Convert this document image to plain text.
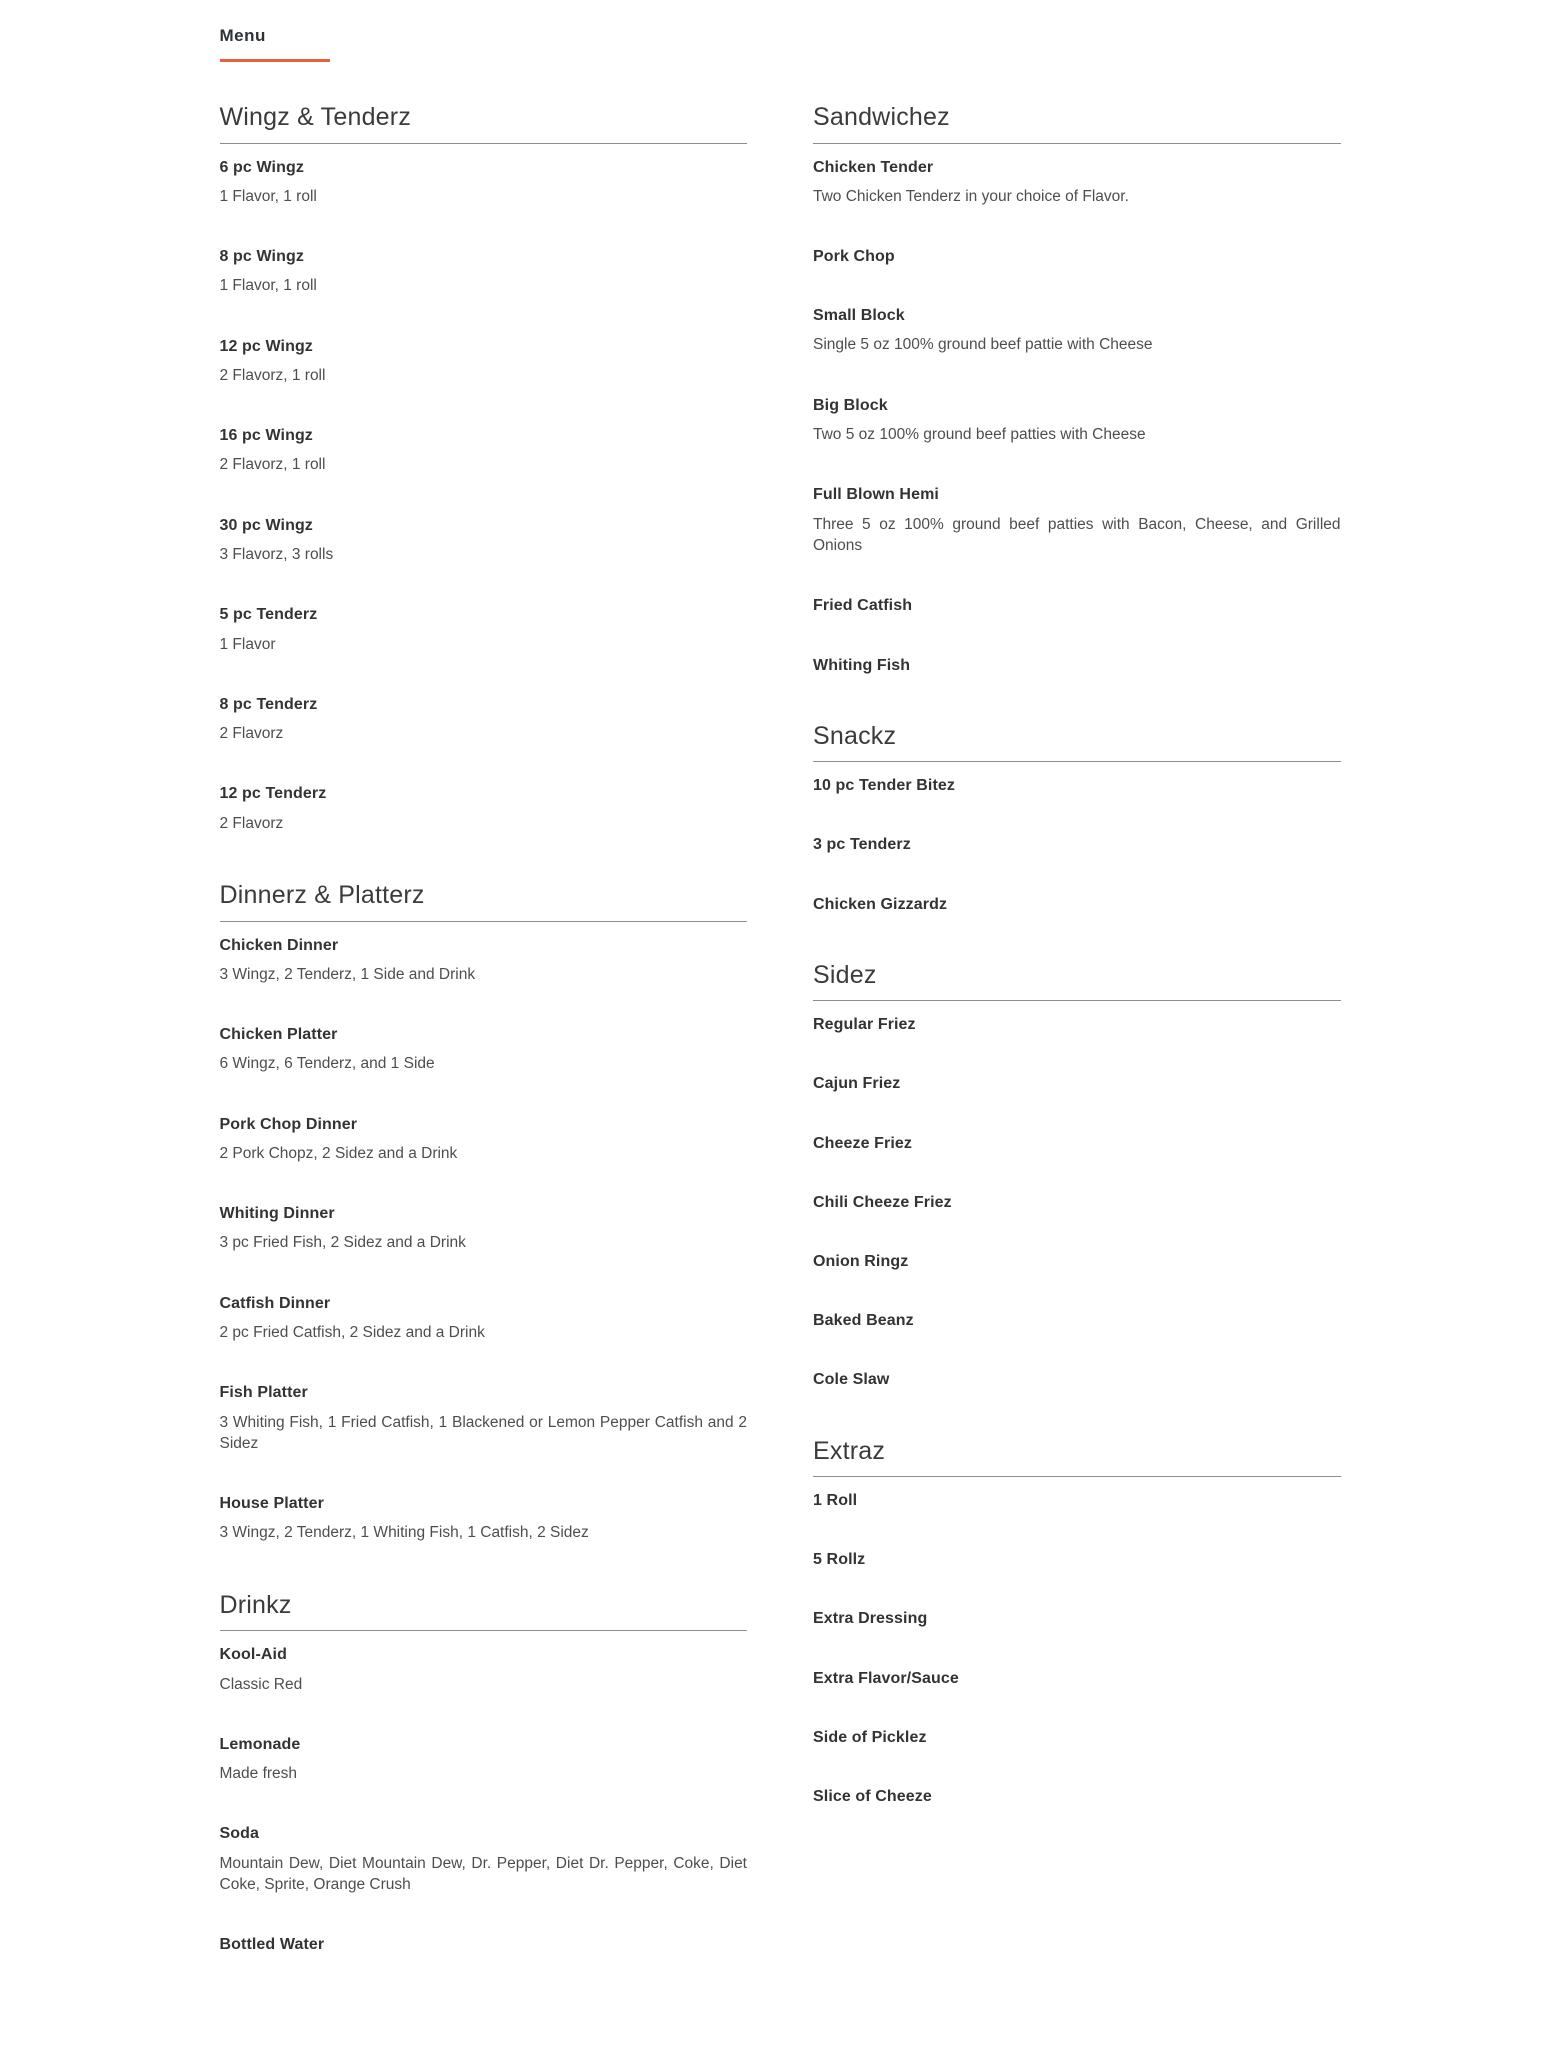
Menu
Wingz & Tenderz
6 pc Wingz
1 Flavor, 1 roll
8 pc Wingz
1 Flavor, 1 roll
12 pc Wingz
2 Flavorz, 1 roll
16 pc Wingz
2 Flavorz, 1 roll
30 pc Wingz
3 Flavorz, 3 rolls
5 pc Tenderz
1 Flavor
8 pc Tenderz
2 Flavorz
12 pc Tenderz
2 Flavorz
Dinnerz & Platterz
Chicken Dinner
3 Wingz, 2 Tenderz, 1 Side and Drink
Chicken Platter
6 Wingz, 6 Tenderz, and 1 Side
Pork Chop Dinner
2 Pork Chopz, 2 Sidez and a Drink
Whiting Dinner
3 pc Fried Fish, 2 Sidez and a Drink
Catfish Dinner
2 pc Fried Catfish, 2 Sidez and a Drink
Fish Platter
3 Whiting Fish, 1 Fried Catfish, 1 Blackened or Lemon Pepper Catfish and 2 Sidez
House Platter
3 Wingz, 2 Tenderz, 1 Whiting Fish, 1 Catfish, 2 Sidez
Drinkz
Kool-Aid
Classic Red
Lemonade
Made fresh
Soda
Mountain Dew, Diet Mountain Dew, Dr. Pepper, Diet Dr. Pepper, Coke, Diet Coke, Sprite, Orange Crush
Bottled Water
Sandwichez
Chicken Tender
Two Chicken Tenderz in your choice of Flavor.
Pork Chop
Small Block
Single 5 oz 100% ground beef pattie with Cheese
Big Block
Two 5 oz 100% ground beef patties with Cheese
Full Blown Hemi
Three 5 oz 100% ground beef patties with Bacon, Cheese, and Grilled Onions
Fried Catfish
Whiting Fish
Snackz
10 pc Tender Bitez
3 pc Tenderz
Chicken Gizzardz
Sidez
Regular Friez
Cajun Friez
Cheeze Friez
Chili Cheeze Friez
Onion Ringz
Baked Beanz
Cole Slaw
Extraz
1 Roll
5 Rollz
Extra Dressing
Extra Flavor/Sauce
Side of Picklez
Slice of Cheeze
